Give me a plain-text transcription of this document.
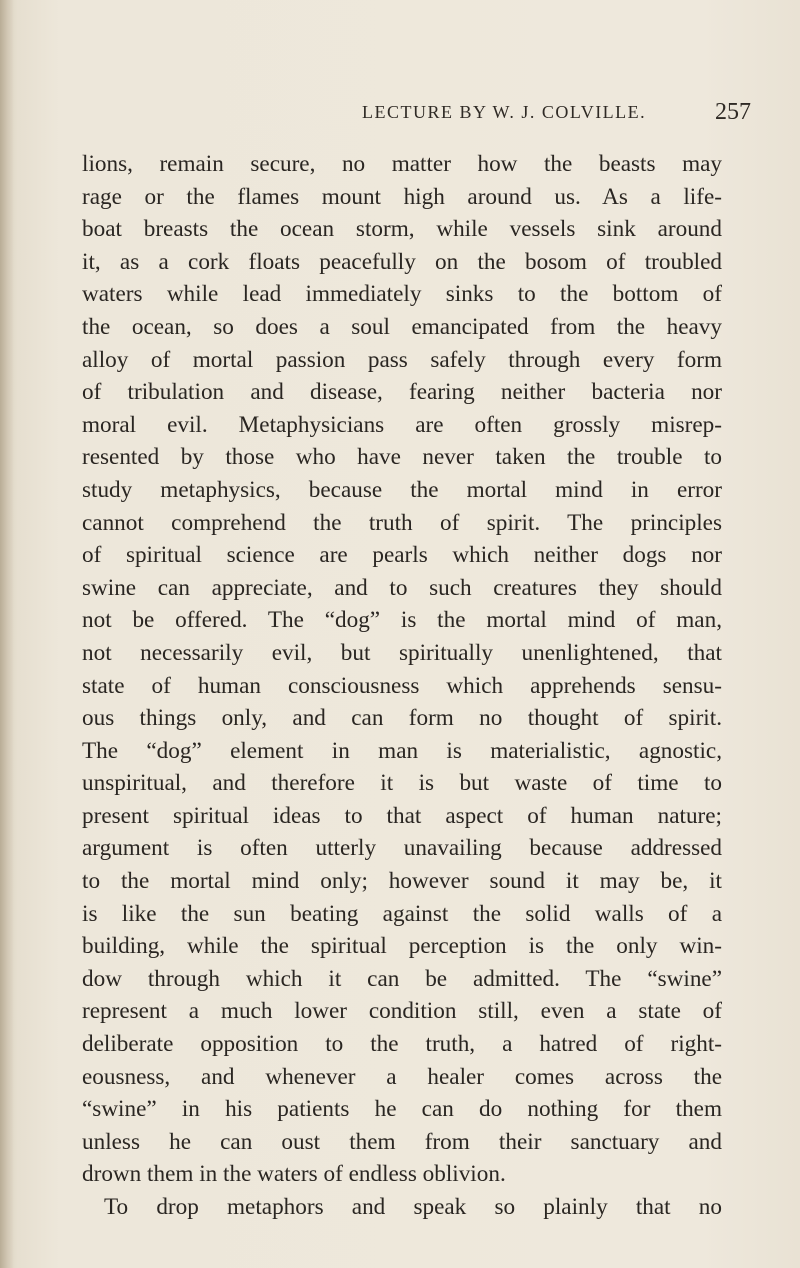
LECTURE BY W. J. COLVILLE.	257
lions, remain secure, no matter how the beasts may
rage or the flames mount high around us. As a life-
boat breasts the ocean storm, while vessels sink around
it, as a cork floats peacefully on the bosom of troubled
waters while lead immediately sinks to the bottom of
the ocean, so does a soul emancipated from the heavy
alloy of mortal passion pass safely through every form
of tribulation and disease, fearing neither bacteria nor
moral evil. Metaphysicians are often grossly misrep-
resented by those who have never taken the trouble to
study metaphysics, because the mortal mind in error
cannot comprehend the truth of spirit. The principles
of spiritual science are pearls which neither dogs nor
swine can appreciate, and to such creatures they should
not be offered. The “dog” is the mortal mind of man,
not necessarily evil, but spiritually unenlightened, that
state of human consciousness which apprehends sensu-
ous things only, and can form no thought of spirit.
The “dog” element in man is materialistic, agnostic,
unspiritual, and therefore it is but waste of time to
present spiritual ideas to that aspect of human nature;
argument is often utterly unavailing because addressed
to the mortal mind only; however sound it may be, it
is like the sun beating against the solid walls of a
building, while the spiritual perception is the only win-
dow through which it can be admitted. The “swine”
represent a much lower condition still, even a state of
deliberate opposition to the truth, a hatred of right-
eousness, and whenever a healer comes across the
“swine” in his patients he can do nothing for them
unless he can oust them from their sanctuary and
drown them in the waters of endless oblivion.
To drop metaphors and speak so plainly that no
